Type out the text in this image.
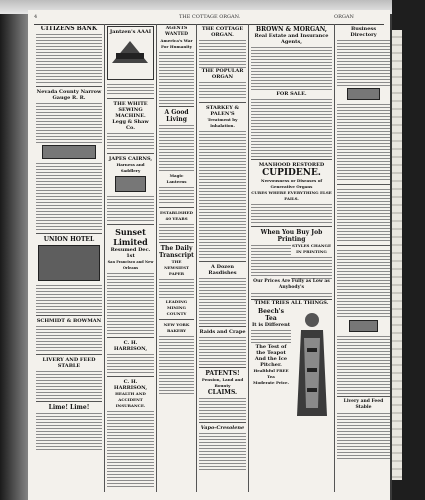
4	THE COTTAGE ORGAN.	ORGAN
CITIZENS BANK
Nevada County Narrow Gauge R. R.
UNION HOTEL
SCHMIDT & BOWMAN
LIVERY AND FEED STABLE
Lime! Lime!
Jantzen's AAAI
THE WHITE
SEWING MACHINE.
Legg & Shaw Co.
JAPES CAIRNS,
Harness and Saddlery
Sunset Limited
Resumed Dec. 1st
San Francisco and New Orleans
C. H. HARRISON,
C. H. HARRISON,
HEALTH AND ACCIDENT INSURANCE.
AGENTS WANTED
America's War For Humanity
A Good Living
Magic Lanterns
ESTABLISHED 40 YEARS
The Daily Transcript
THE NEWSIEST PAPER
LEADING MINING COUNTY
NEW YORK BAKERY
THE COTTAGE ORGAN.
THE POPULAR ORGAN
STARKEY & PALEN'S
Treatment by Inhalation.
A Dozen Rasdishes
Raids and Crape
PATENTS!
Pension, Land and Bounty
CLAIMS.
Vapo-Cresolene
BROWN & MORGAN,
Real Estate and Insurance Agents,
FOR SALE.
MANHOOD RESTORED
CUPIDENE.
Nervousness or Diseases of Generative Organs
CURES WHERE EVERYTHING ELSE FAILS.
When You Buy Job Printing
STYLES CHANGE IN PRINTING
Our Prices Are Fully as Low as Anybody's
TIME TRIES ALL THINGS.
Beech's
Tea
It is Different
The Test of the Teapot And the Ice Pitcher.
Healthful FREE Tea
Moderate Price.
Business Directory
Livery and Feed Stable
